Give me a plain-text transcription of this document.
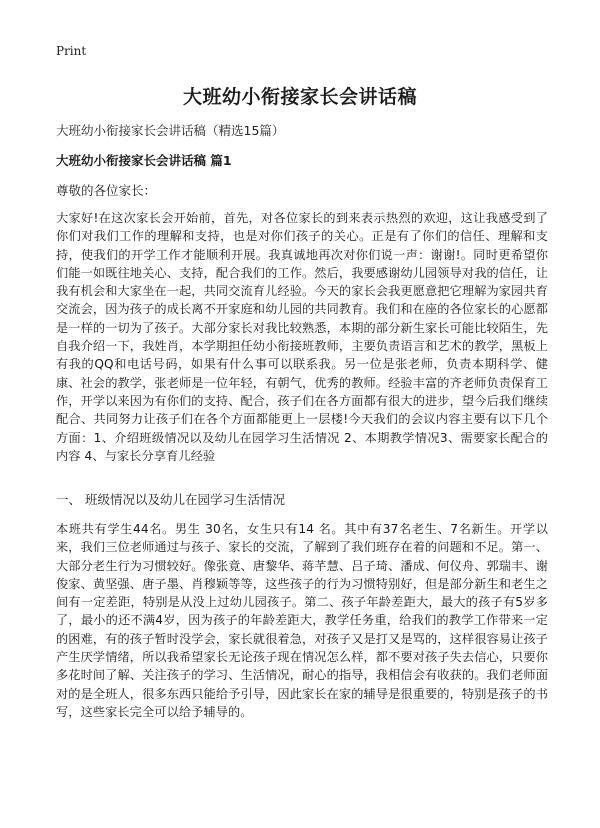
Print
大班幼小衔接家长会讲话稿

大班幼小衔接家长会讲话稿（精选15篇）

大班幼小衔接家长会讲话稿 篇1

尊敬的各位家长：

大家好!在这次家长会开始前，首先，对各位家长的到来表示热烈的欢迎，这让我感受到了你们对我们工作的理解和支持，也是对你们孩子的关心。正是有了你们的信任、理解和支持，使我们的开学工作才能顺利开展。我真诚地再次对你们说一声：谢谢!。同时更希望你们能一如既往地关心、支持，配合我们的工作。然后，我要感谢幼儿园领导对我的信任，让我有机会和大家坐在一起，共同交流育儿经验。今天的家长会我更愿意把它理解为家园共育交流会，因为孩子的成长离不开家庭和幼儿园的共同教育。我们和在座的各位家长的心愿都是一样的一切为了孩子。大部分家长对我比较熟悉，本期的部分新生家长可能比较陌生，先自我介绍一下，我姓肖，本学期担任幼小衔接班教师，主要负责语言和艺术的教学，黑板上有我的QQ和电话号码，如果有什么事可以联系我。另一位是张老师，负责本期科学、健康、社会的教学，张老师是一位年轻，有朝气，优秀的教师。经验丰富的齐老师负责保育工作，开学以来因为有你们的支持、配合，孩子们在各方面都有很大的进步，望今后我们继续配合、共同努力让孩子们在各个方面都能更上一层楼!今天我们的会议内容主要有以下几个方面：1、介绍班级情况以及幼儿在园学习生活情况 2、本期教学情况3、需要家长配合的内容 4、与家长分享育儿经验

一、 班级情况以及幼儿在园学习生活情况

本班共有学生44名。男生 30名，女生只有14 名。其中有37名老生、7名新生。开学以来，我们三位老师通过与孩子、家长的交流，了解到了我们班存在着的问题和不足。第一、大部分老生行为习惯较好。像张竟、唐黎华、蒋芊慧、吕子琦、潘成、何仪舟、郭瑞丰、谢俊家、黄坚强、唐子墨、肖穆颖等等，这些孩子的行为习惯特别好，但是部分新生和老生之间有一定差距，特别是从没上过幼儿园孩子。第二、孩子年龄差距大，最大的孩子有5岁多了，最小的还不满4岁，因为孩子的年龄差距大，教学任务重，给我们的教学工作带来一定的困难，有的孩子暂时没学会，家长就很着急，对孩子又是打又是骂的，这样很容易让孩子产生厌学情绪，所以我希望家长无论孩子现在情况怎么样，都不要对孩子失去信心，只要你多花时间了解、关注孩子的学习、生活情况，耐心的指导，我相信会有收获的。我们老师面对的是全班人，很多东西只能给予引导，因此家长在家的辅导是很重要的，特别是孩子的书写，这些家长完全可以给予辅导的。
